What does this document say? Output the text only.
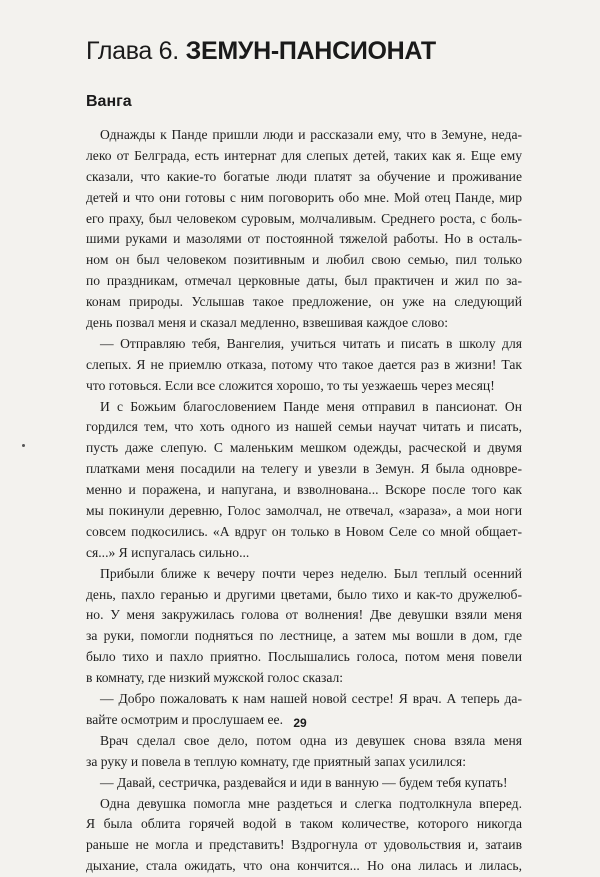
Глава 6. ЗЕМУН-ПАНСИОНАТ
Ванга
Однажды к Панде пришли люди и рассказали ему, что в Земуне, неда-
леко от Белграда, есть интернат для слепых детей, таких как я. Еще ему
сказали, что какие-то богатые люди платят за обучение и проживание
детей и что они готовы с ним поговорить обо мне. Мой отец Панде, мир
его праху, был человеком суровым, молчаливым. Среднего роста, с боль-
шими руками и мазолями от постоянной тяжелой работы. Но в осталь-
ном он был человеком позитивным и любил свою семью, пил только
по праздникам, отмечал церковные даты, был практичен и жил по за-
конам природы. Услышав такое предложение, он уже на следующий
день позвал меня и сказал медленно, взвешивая каждое слово:
— Отправляю тебя, Вангелия, учиться читать и писать в школу для
слепых. Я не приемлю отказа, потому что такое дается раз в жизни! Так
что готовься. Если все сложится хорошо, то ты уезжаешь через месяц!
И с Божьим благословением Панде меня отправил в пансионат. Он
гордился тем, что хоть одного из нашей семьи научат читать и писать,
пусть даже слепую. С маленьким мешком одежды, расческой и двумя
платками меня посадили на телегу и увезли в Земун. Я была одновре-
менно и поражена, и напугана, и взволнована... Вскоре после того как
мы покинули деревню, Голос замолчал, не отвечал, «зараза», а мои ноги
совсем подкосились. «А вдруг он только в Новом Селе со мной общает-
ся...» Я испугалась сильно...
Прибыли ближе к вечеру почти через неделю. Был теплый осенний
день, пахло геранью и другими цветами, было тихо и как-то дружелюб-
но. У меня закружилась голова от волнения! Две девушки взяли меня
за руки, помогли подняться по лестнице, а затем мы вошли в дом, где
было тихо и пахло приятно. Послышались голоса, потом меня повели
в комнату, где низкий мужской голос сказал:
— Добро пожаловать к нам нашей новой сестре! Я врач. А теперь да-
вайте осмотрим и прослушаем ее.
Врач сделал свое дело, потом одна из девушек снова взяла меня
за руку и повела в теплую комнату, где приятный запах усилился:
— Давай, сестричка, раздевайся и иди в ванную — будем тебя купать!
Одна девушка помогла мне раздеться и слегка подтолкнула вперед.
Я была облита горячей водой в таком количестве, которого никогда
раньше не могла и представить! Вздрогнула от удовольствия и, затаив
дыхание, стала ожидать, что она кончится... Но она лилась и лилась,
29
